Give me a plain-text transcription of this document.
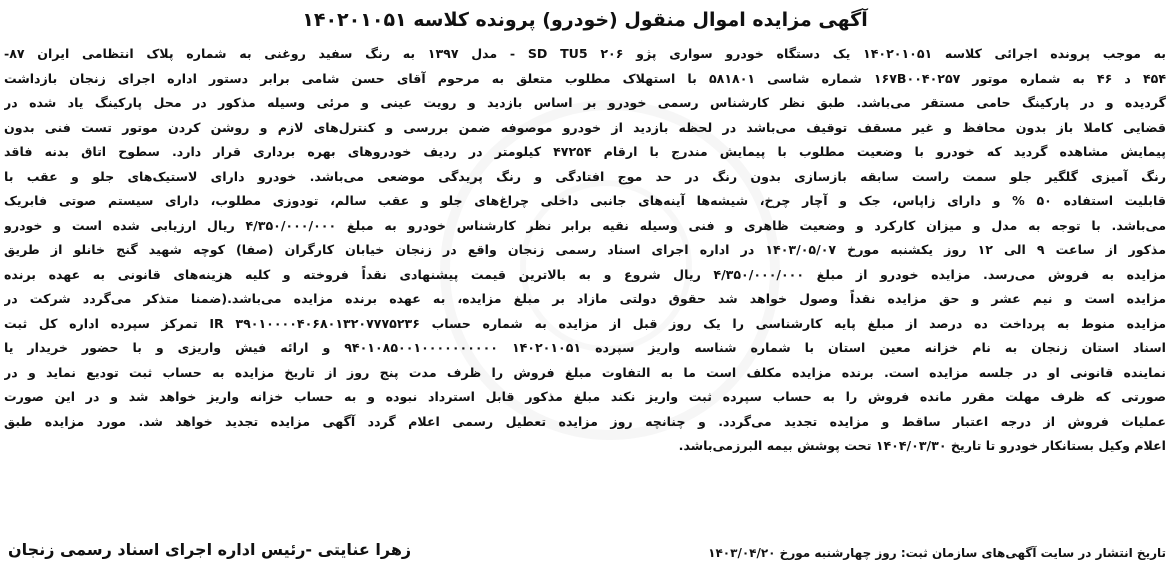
آگهی مزایده اموال منقول (خودرو) پرونده کلاسه ۱۴۰۲۰۱۰۵۱
به موجب پرونده اجرائی کلاسه ۱۴۰۲۰۱۰۵۱ یک دستگاه خودرو سواری پژو ۲۰۶ SD TU5 - مدل ۱۳۹۷ به رنگ سفید روغنی به شماره پلاک انتظامی ایران ۸۷-
۴۵۴ د ۴۶ به شماره موتور ۱۶۷B۰۰۴۰۲۵۷ شماره شاسی ۵۸۱۸۰۱ با استهلاک مطلوب متعلق به مرحوم آقای حسن شامی برابر دستور اداره اجرای زنجان بازداشت
گردیده و در پارکینگ حامی مستقر می‌باشد. طبق نظر کارشناس رسمی خودرو بر اساس بازدید و رویت عینی و مرئی وسیله مذکور در محل پارکینگ یاد شده در
قضایی کاملا باز بدون محافظ و غیر مسقف توقیف می‌باشد در لحظه بازدید از خودرو موصوفه ضمن بررسی و کنترل‌های لازم و روشن کردن موتور تست فنی بدون
پیمایش مشاهده گردید که خودرو با وضعیت مطلوب با پیمایش مندرج با ارقام ۴۷۲۵۴ کیلومتر در ردیف خودروهای بهره برداری قرار دارد. سطوح اتاق بدنه فاقد
رنگ آمیزی گلگیر جلو سمت راست سابقه بازسازی بدون رنگ در حد موج افتادگی و رنگ پریدگی موضعی می‌باشد. خودرو دارای لاستیک‌های جلو و عقب با
قابلیت استفاده ۵۰ % و دارای زاپاس، جک و آچار چرخ، شیشه‌ها آینه‌های جانبی داخلی چراغ‌های جلو و عقب سالم، تودوزی مطلوب، دارای سیستم صوتی فابریک
می‌باشد. با توجه به مدل و میزان کارکرد و وضعیت ظاهری و فنی وسیله نقیه برابر نظر کارشناس خودرو به مبلغ ۴/۳۵۰/۰۰۰/۰۰۰ ریال ارزیابی شده است و خودرو
مذکور از ساعت ۹ الی ۱۲ روز یکشنبه مورخ ۱۴۰۳/۰۵/۰۷ در اداره اجرای اسناد رسمی زنجان واقع در زنجان خیابان کارگران (صفا) کوچه شهید گنج خانلو از طریق
مزایده به فروش می‌رسد. مزایده خودرو از مبلغ ۴/۳۵۰/۰۰۰/۰۰۰ ریال شروع و به بالاترین قیمت پیشنهادی نقداً فروخته و کلیه هزینه‌های قانونی به عهده برنده
مزایده است و نیم عشر و حق مزایده نقداً وصول خواهد شد حقوق دولتی مازاد بر مبلغ مزایده، به عهده برنده مزایده می‌باشد.(ضمنا متذکر می‌گردد شرکت در
مزایده منوط به پرداخت ده درصد از مبلغ پایه کارشناسی را یک روز قبل از مزایده به شماره حساب IR ۳۹۰۱۰۰۰۰۴۰۶۸۰۱۳۲۰۷۷۷۵۲۳۶ تمرکز سپرده اداره کل ثبت
اسناد استان زنجان به نام خزانه معین استان با شماره شناسه واریز سپرده ۱۴۰۲۰۱۰۵۱ ۹۴۰۱۰۸۵۰۰۱۰۰۰۰۰۰۰۰۰۰ و ارائه فیش واریزی و با حضور خریدار یا
نماینده قانونی او در جلسه مزایده است. برنده مزایده مکلف است ما به التفاوت مبلغ فروش را ظرف مدت پنج روز از تاریخ مزایده به حساب ثبت تودیع نماید و در
صورتی که ظرف مهلت مقرر مانده فروش را به حساب سپرده ثبت واریز نکند مبلغ مذکور قابل استرداد نبوده و به حساب خزانه واریز خواهد شد و در این صورت
عملیات فروش از درجه اعتبار ساقط و مزایده تجدید می‌گردد. و چنانچه روز مزایده تعطیل رسمی اعلام گردد آگهی مزایده تجدید خواهد شد. مورد مزایده طبق
اعلام وکیل بستانکار خودرو تا تاریخ ۱۴۰۴/۰۳/۳۰ تحت پوشش بیمه البرزمی‌باشد.
تاریخ انتشار در سایت آگهی‌های سازمان ثبت: روز چهارشنبه مورخ ۱۴۰۳/۰۴/۲۰
زهرا عنایتی -رئیس اداره اجرای اسناد رسمی زنجان
